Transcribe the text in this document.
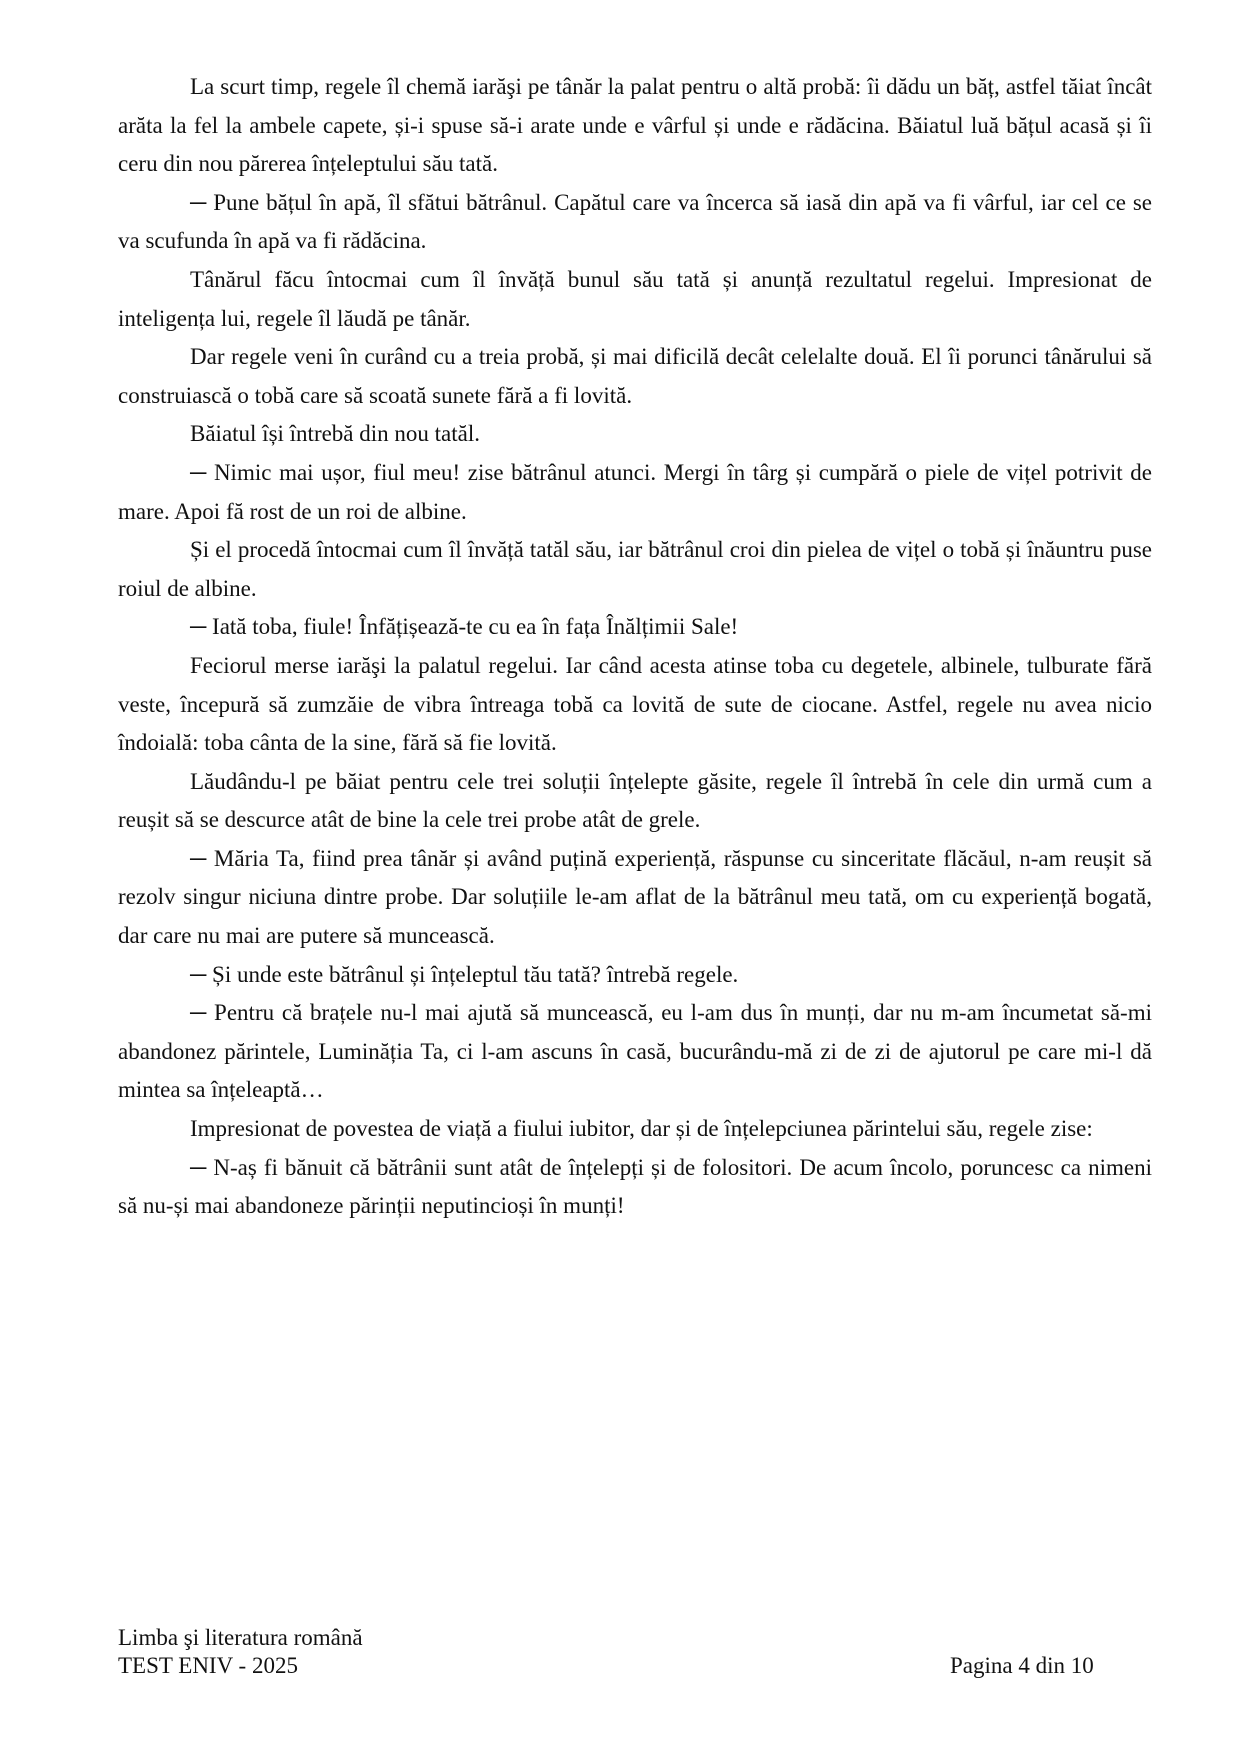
La scurt timp, regele îl chemă iarăşi pe tânăr la palat pentru o altă probă: îi dădu un băț, astfel tăiat încât arăta la fel la ambele capete, și-i spuse să-i arate unde e vârful și unde e rădăcina. Băiatul luă bățul acasă și îi ceru din nou părerea înțeleptului său tată.

─ Pune bățul în apă, îl sfătui bătrânul. Capătul care va încerca să iasă din apă va fi vârful, iar cel ce se va scufunda în apă va fi rădăcina.

Tânărul făcu întocmai cum îl învăță bunul său tată și anunță rezultatul regelui. Impresionat de inteligența lui, regele îl lăudă pe tânăr.

Dar regele veni în curând cu a treia probă, și mai dificilă decât celelalte două. El îi porunci tânărului să construiască o tobă care să scoată sunete fără a fi lovită.

Băiatul își întrebă din nou tatăl.

─ Nimic mai ușor, fiul meu! zise bătrânul atunci. Mergi în târg și cumpără o piele de vițel potrivit de mare. Apoi fă rost de un roi de albine.

Și el procedă întocmai cum îl învăță tatăl său, iar bătrânul croi din pielea de vițel o tobă și înăuntru puse roiul de albine.

─ Iată toba, fiule! Înfățișează-te cu ea în fața Înălțimii Sale!

Feciorul merse iarăşi la palatul regelui. Iar când acesta atinse toba cu degetele, albinele, tulburate fără veste, începură să zumzăie de vibra întreaga tobă ca lovită de sute de ciocane. Astfel, regele nu avea nicio îndoială: toba cânta de la sine, fără să fie lovită.

Lăudându-l pe băiat pentru cele trei soluții înțelepte găsite, regele îl întrebă în cele din urmă cum a reușit să se descurce atât de bine la cele trei probe atât de grele.

─ Măria Ta, fiind prea tânăr și având puțină experiență, răspunse cu sinceritate flăcăul, n-am reușit să rezolv singur niciuna dintre probe. Dar soluțiile le-am aflat de la bătrânul meu tată, om cu experiență bogată, dar care nu mai are putere să muncească.

─ Și unde este bătrânul și înțeleptul tău tată? întrebă regele.

─ Pentru că brațele nu-l mai ajută să muncească, eu l-am dus în munți, dar nu m-am încumetat să-mi abandonez părintele, Luminăția Ta, ci l-am ascuns în casă, bucurându-mă zi de zi de ajutorul pe care mi-l dă mintea sa înțeleaptă…

Impresionat de povestea de viață a fiului iubitor, dar și de înțelepciunea părintelui său, regele zise:

─ N-aș fi bănuit că bătrânii sunt atât de înțelepți și de folositori. De acum încolo, poruncesc ca nimeni să nu-și mai abandoneze părinții neputincioși în munți!

Limba şi literatura română
TEST ENIV - 2025	Pagina 4 din 10
